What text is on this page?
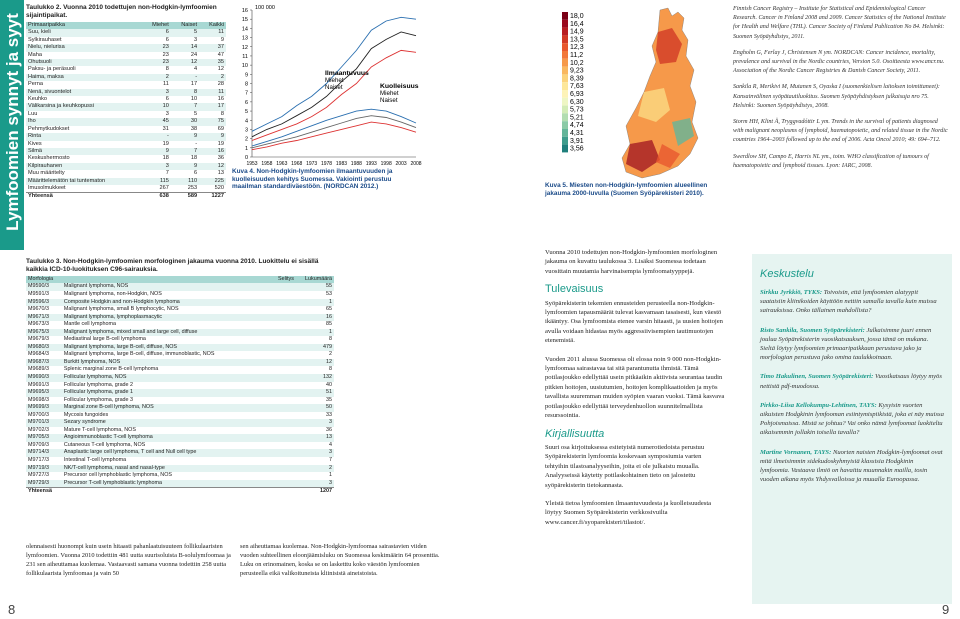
Lymfoomien synnyt ja syyt
Taulukko 2. Vuonna 2010 todettujen non-Hodgkin-lymfoomien sijaintipaikat.
Primaaripaikka	Miehet	Naiset	Kaikki
Suu, kieli	6	5	11
Sylkirauhaset	6	3	9
Nielu, nielurisa	23	14	37
Maha	23	24	47
Ohutsuoli	23	12	35
Paksu- ja peräsuoli	8	4	12
Haima, maksa	2	-	2
Perna	11	17	28
Nenä, sivuontelot	3	8	11
Keuhko	6	10	16
Välikarsina ja keuhkopussi	10	7	17
Luu	3	5	8
Iho	45	30	75
Pehmytkudokset	31	38	69
Rinta	-	9	9
Kives	19	-	19
Silmä	9	7	16
Keskushermosto	18	18	36
Kilpirauhanen	3	9	12
Muu määritelty	7	6	13
Määrittelemätön tai tuntematon	115	110	225
Imusolmukkeet	267	253	520
Yhteensä	638	589	1227
100 000
0
1
2
3
4
5
6
7
8
9
10
11
12
13
14
15
16
1953 1958 1963 1968 1973 1978 1983 1988 1993 1998 2003 2008
Ilmaantuvuus
Miehet
Naiset	Kuolleisuus
Miehet
Naiset
Kuva 4. Non-Hodgkin-lymfoomien ilmaantuvuuden ja kuolleisuuden kehitys Suomessa. Vakiointi perustuu maailman standardiväestöön. (NORDCAN 2012.)
18,0
16,4
14,9
13,5
12,3
11,2
10,2
9,23
8,39
7,63
6,93
6,30
5,73
5,21
4,74
4,31
3,91
3,56
Kuva 5. Miesten non-Hodgkin-lymfoomien alueellinen jakauma 2000-luvulla (Suomen Syöpärekisteri 2010).

Finnish Cancer Registry – Institute for Statistical and Epidemiological Cancer Research. Cancer in Finland 2008 and 2009. Cancer Statistics of the National Institute for Health and Welfare (THL). Cancer Society of Finland Publication No 84. Helsinki: Suomen Syöpäyhdistys, 2011.

Engholm G, Ferlay J, Christensen N ym. NORDCAN: Cancer incidence, mortality, prevalence and survival in the Nordic countries, Version 5.0. Osoitteesta www.ancr.nu. Association of the Nordic Cancer Registries & Danish Cancer Society, 2011.

Sankila R, Merikivi M, Mutanen S, Oyaska I (suomenkielisen laitoksen toimittaneet): Kansainvälinen syöpätautiluokitus. Suomen Syöpäyhdistyksen julkaisuja nro 75. Helsinki: Suomen Syöpäyhdistys, 2008.

Storm HH, Klint Å, Tryggvadóttir L ym. Trends in the survival of patients diagnosed with malignant neoplasms of lymphoid, haematopoietic, and related tissue in the Nordic countries 1964–2003 followed up to the end of 2006. Acta Oncol 2010; 49: 694–712.

Swerdlow SH, Campo E, Harris NL ym., toim. WHO classification of tumours of haematopoietic and lymphoid tissues. Lyon: IARC, 2008.

Taulukko 3. Non-Hodgkin-lymfoomien morfologinen jakauma vuonna 2010. Luokittelu ei sisällä kaikkia ICD-10-luokituksen C96-sairauksia.
Morfologia	Selitys	Lukumäärä
M9590/3	Malignant lymphoma, NOS	55
M9591/3	Malignant lymphoma, non-Hodgkin, NOS	53
M9596/3	Composite Hodgkin and non-Hodgkin lymphoma	1
M9670/3	Malignant lymphoma, small B lymphocytic, NOS	65
M9671/3	Malignant lymphoma, lymphoplasmacytic	16
M9673/3	Mantle cell lymphoma	85
M9675/3	Malignant lymphoma, mixed small and large cell, diffuse	1
M9679/3	Mediastinal large B-cell lymphoma	8
M9680/3	Malignant lymphoma, large B-cell, diffuse, NOS	479
M9684/3	Malignant lymphoma, large B-cell, diffuse, immunoblastic, NOS	2
M9687/3	Burkitt lymphoma, NOS	12
M9689/3	Splenic marginal zone B-cell lymphoma	8
M9690/3	Follicular lymphoma, NOS	132
M9691/3	Follicular lymphoma, grade 2	40
M9695/3	Follicular lymphoma, grade 1	51
M9698/3	Follicular lymphoma, grade 3	35
M9699/3	Marginal zone B-cell lymphoma, NOS	50
M9700/3	Mycosis fungoides	33
M9701/3	Sezary syndrome	3
M9702/3	Mature T-cell lymphoma, NOS	36
M9705/3	Angioimmunoblastic T-cell lymphoma	13
M9709/3	Cutaneous T-cell lymphoma, NOS	4
M9714/3	Anaplastic large cell lymphoma, T cell and Null cell type	3
M9717/3	Intestinal T-cell lymphoma	7
M9719/3	NK/T-cell lymphoma, nasal and nasal-type	2
M9727/3	Precursor cell lymphoblastic lymphoma, NOS	1
M9729/3	Precursor T-cell lymphoblastic lymphoma	3
Yhteensä		1207
olennaisesti huonompi kuin usein hitaasti pahanlaatuisuuteen follikulaaristen lymfoomien. Vuonna 2010 todettiin 481 uutta suurisoluista B-solulymfoomaa ja 231 sen aiheuttamaa kuolemaa. Vastaavasti samana vuonna todettiin 258 uutta follikulaarista lymfoomaa ja vain 50
sen aiheuttamaa kuolemaa. Non-Hodgkin-lymfoomaa sairastavien viiden vuoden suhteellinen eloonjäämisluku on Suomessa keskimäärin 64 prosenttia. Luku on erinomainen, koska se on lasketttu koko väestön lymfoomien perusteella eikä valikoituneista kliinisistä aineistoista.

Vuonna 2010 todettujen non-Hodgkin-lymfoomien morfologinen jakauma on kuvattu taulukossa 3. Lisäksi Suomessa todetaan vuosittain muutamia harvinaisempia lymfoomatyyppejä.

Tulevaisuus

Syöpärekisterin tekemien ennusteiden perusteella non-Hodgkin-lymfoomien tapausmäärät tulevat kasvamaan tasaisesti, kun väestö ikääntyy. Osa lymfoomista etenee varsin hitaasti, ja uusien hoitojen avulla voidaan hidastaa myös aggressiivisempien tautimuotojen etenemistä.

Vuoden 2011 alussa Suomessa oli elossa noin 9 000 non-Hodgkin-lymfoomaa sairastavaa tai sitä parantunutta ihmistä. Tämä potilasjoukko edellyttää usein pitkäaikin aktiivista seurantaa taudin pitkien hoitojen, uusiutumien, hoitojen komplikaatioiden ja myös tavallista suuremman muiden syöpien vaaran vuoksi. Tämä kasvava potilasjoukko edellyttää terveydenhuollon suunnitelmallista resurssointia.

Kirjallisuutta

Suuri osa kirjoituksessa esitetyistä numerotiedoista perustuu Syöpärekisterin lymfoomia koskevaan symposiumia varten tehtyihin tilastoanalyyseihin, joita ei ole julkaistu muualla. Analyyseissä käytetty potilaskohtainen tieto on jalostettu syöpärekisterin tietokannasta.

Yleistä tietoa lymfoomien ilmaantuvuudesta ja kuolleisuudesta löytyy Suomen Syöpärekisterin verkkosivuilta www.cancer.fi/syoparekisteri/tilastot/.

Keskustelu

Sirkku Jyrkkiö, TYKS: Toivoisin, että lymfoomien alatyypit saataisiin kliinikoiden käyttöön nettiin samalla tavalla kuin muissa sairauksissa. Onko tällainen mahdollista?

Risto Sankila, Suomen Syöpärekisteri: Julkaisimme juuri ennen joulua Syöpärekisterin vuosikatsauksen, jossa tämä on mukana. Sieltä löytyy lymfoomien primaaripaikkaan perustuva jako ja morfologian perustuva jako omina taulukkoinaan.

Timo Hakulinen, Suomen Syöpärekisteri: Vuosikatsaus löytyy myös nettistä pdf-muodossa.

Pirkko-Liisa Kellokumpu-Lehtinen, TAYS: Kysyisin vuorten aikuisten Hodgkinin lymfooman esiintymispiikistä, joka ei näy muissa Pohjoismaissa. Mistä se johtuu? Vai onko nämä lymfoomat luokiteltu aikaisemmin jollakin toisella tavalla?

Martine Vornanen, TAYS: Nuorten naisten Hodgkin-lymfoomat ovat mitä ilmeisimmin sidekudoskyhmyisiä klassisia Hodgkinin lymfoomia. Vastaava ilmiö on havaittu muunnakin mailla, tosin vuoden aikana myös Yhdysvalloissa ja muualla Euroopassa.

8	9
